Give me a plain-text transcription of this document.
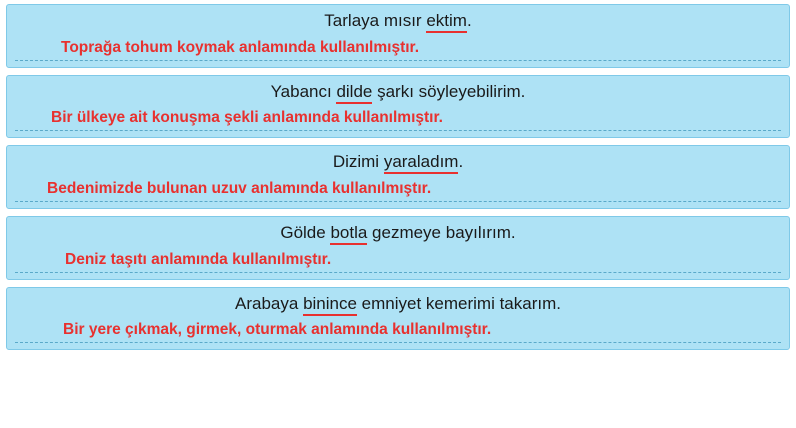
Tarlaya mısır ektim.
Toprağa tohum koymak anlamında kullanılmıştır.
Yabancı dilde şarkı söyleyebilirim.
Bir ülkeye ait konuşma şekli anlamında kullanılmıştır.
Dizimi yaraladım.
Bedenimizde bulunan uzuv anlamında kullanılmıştır.
Gölde botla gezmeye bayılırım.
Deniz taşıtı anlamında kullanılmıştır.
Arabaya binince emniyet kemerimi takarım.
Bir yere çıkmak, girmek, oturmak anlamında kullanılmıştır.
